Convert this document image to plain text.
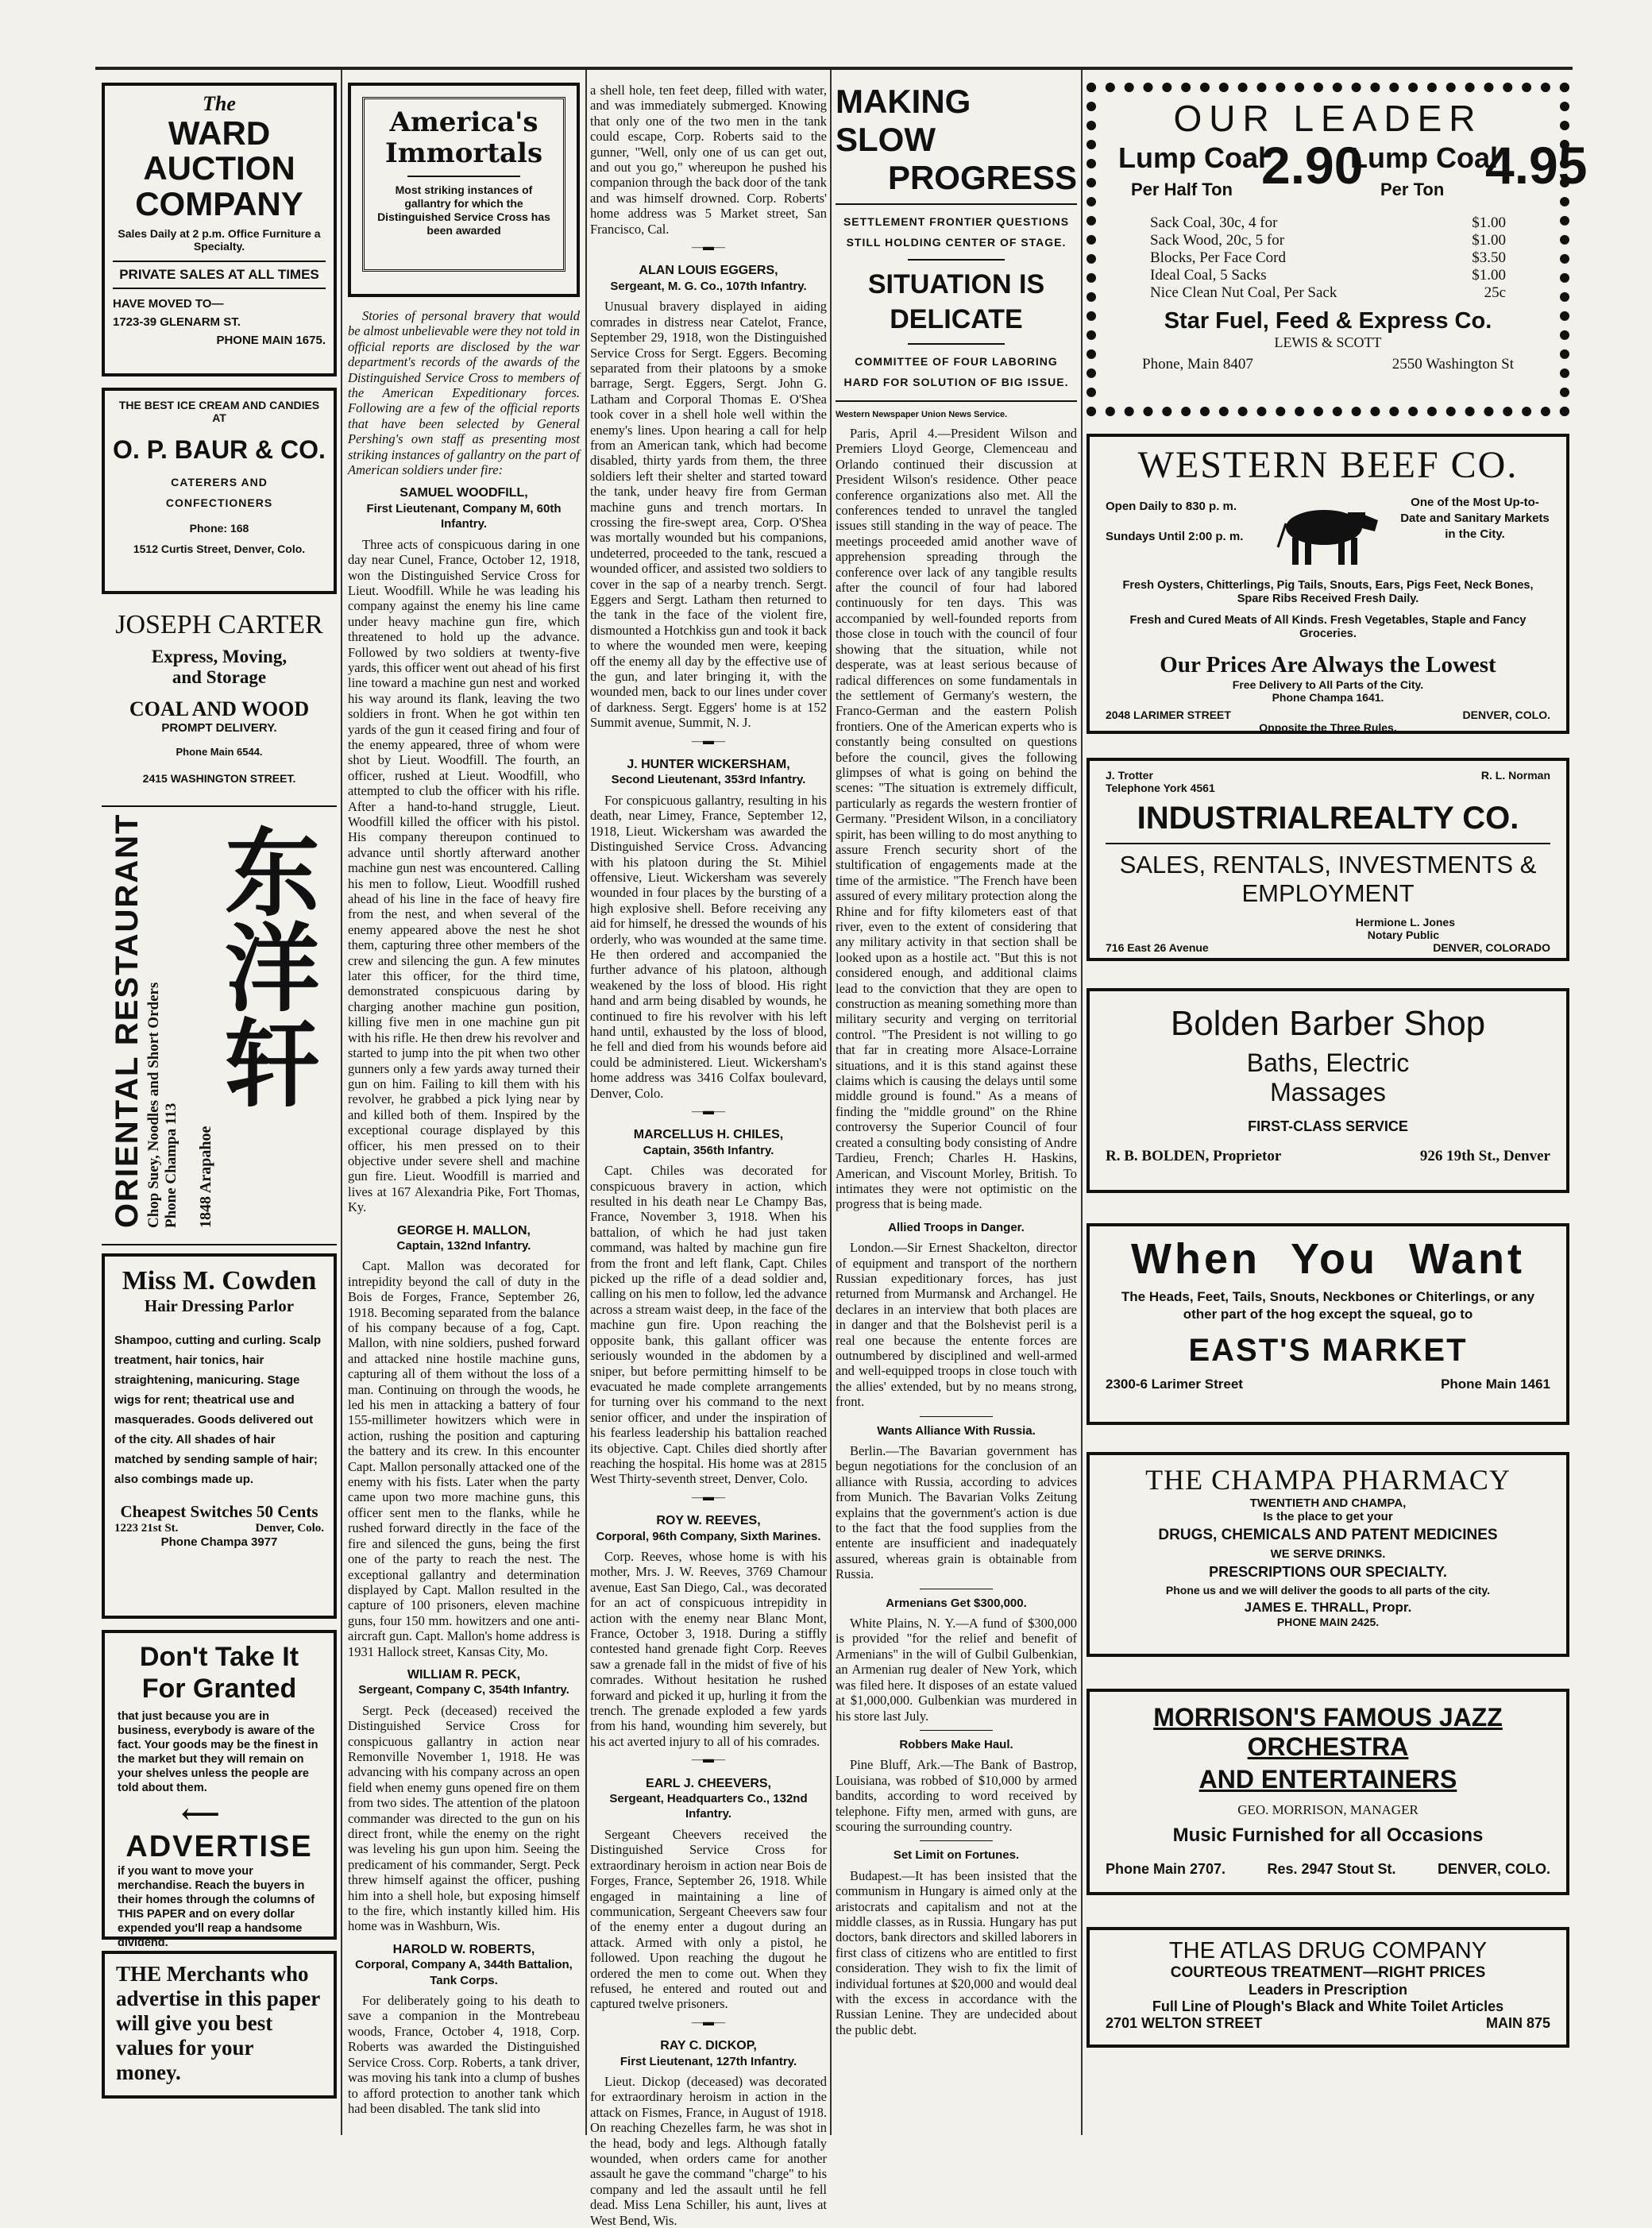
The
WARD AUCTION
COMPANY
Sales Daily at 2 p.m. Office Furniture a Specialty.
PRIVATE SALES AT ALL TIMES
HAVE MOVED TO—
1723-39 GLENARM ST.
PHONE MAIN 1675.
THE BEST ICE CREAM AND CANDIES AT
O. P. BAUR & CO.
CATERERS AND
CONFECTIONERS
Phone: 168
1512 Curtis Street, Denver, Colo.
JOSEPH CARTER
Express, Moving,
and Storage
COAL AND WOOD
PROMPT DELIVERY.
Phone Main 6544.
2415 WASHINGTON STREET.
ORIENTAL RESTAURANT Chop Suey, Noodles and Short Orders Phone Champa 113 1848 Arapahoe
东洋轩
Miss M. Cowden
Hair Dressing Parlor
Shampoo, cutting and curling. Scalp treatment, hair tonics, hair straightening, manicuring. Stage wigs for rent; theatrical use and masquerades. Goods delivered out of the city. All shades of hair matched by sending sample of hair; also combings made up.
Cheapest Switches 50 Cents
1223 21st St.	Denver, Colo.
Phone Champa 3977
Don't Take It
For Granted
that just because you are in business, everybody is aware of the fact. Your goods may be the finest in the market but they will remain on your shelves unless the people are told about them.
⟵
ADVERTISE
if you want to move your merchandise. Reach the buyers in their homes through the columns of THIS PAPER and on every dollar expended you'll reap a handsome dividend.
THE Merchants who advertise in this paper will give you best values for your money.
America's
Immortals
Most striking instances of gallantry for which the Distinguished Service Cross has been awarded

Stories of personal bravery that would be almost unbelievable were they not told in official reports are disclosed by the war department's records of the awards of the Distinguished Service Cross to members of the American Expeditionary forces. Following are a few of the official reports that have been selected by General Pershing's own staff as presenting most striking instances of gallantry on the part of American soldiers under fire:

SAMUEL WOODFILL,
First Lieutenant, Company M, 60th Infantry.

Three acts of conspicuous daring in one day near Cunel, France, October 12, 1918, won the Distinguished Service Cross for Lieut. Woodfill. While he was leading his company against the enemy his line came under heavy machine gun fire, which threatened to hold up the advance. Followed by two soldiers at twenty-five yards, this officer went out ahead of his first line toward a machine gun nest and worked his way around its flank, leaving the two soldiers in front. When he got within ten yards of the gun it ceased firing and four of the enemy appeared, three of whom were shot by Lieut. Woodfill. The fourth, an officer, rushed at Lieut. Woodfill, who attempted to club the officer with his rifle. After a hand-to-hand struggle, Lieut. Woodfill killed the officer with his pistol. His company thereupon continued to advance until shortly afterward another machine gun nest was encountered. Calling his men to follow, Lieut. Woodfill rushed ahead of his line in the face of heavy fire from the nest, and when several of the enemy appeared above the nest he shot them, capturing three other members of the crew and silencing the gun. A few minutes later this officer, for the third time, demonstrated conspicuous daring by charging another machine gun position, killing five men in one machine gun pit with his rifle. He then drew his revolver and started to jump into the pit when two other gunners only a few yards away turned their gun on him. Failing to kill them with his revolver, he grabbed a pick lying near by and killed both of them. Inspired by the exceptional courage displayed by this officer, his men pressed on to their objective under severe shell and machine gun fire. Lieut. Woodfill is married and lives at 167 Alexandria Pike, Fort Thomas, Ky.

GEORGE H. MALLON,
Captain, 132nd Infantry.

Capt. Mallon was decorated for intrepidity beyond the call of duty in the Bois de Forges, France, September 26, 1918. Becoming separated from the balance of his company because of a fog, Capt. Mallon, with nine soldiers, pushed forward and attacked nine hostile machine guns, capturing all of them without the loss of a man. Continuing on through the woods, he led his men in attacking a battery of four 155-millimeter howitzers which were in action, rushing the position and capturing the battery and its crew. In this encounter Capt. Mallon personally attacked one of the enemy with his fists. Later when the party came upon two more machine guns, this officer sent men to the flanks, while he rushed forward directly in the face of the fire and silenced the guns, being the first one of the party to reach the nest. The exceptional gallantry and determination displayed by Capt. Mallon resulted in the capture of 100 prisoners, eleven machine guns, four 150 mm. howitzers and one anti-aircraft gun. Capt. Mallon's home address is 1931 Hallock street, Kansas City, Mo.

WILLIAM R. PECK,
Sergeant, Company C, 354th Infantry.

Sergt. Peck (deceased) received the Distinguished Service Cross for conspicuous gallantry in action near Remonville November 1, 1918. He was advancing with his company across an open field when enemy guns opened fire on them from two sides. The attention of the platoon commander was directed to the gun on his direct front, while the enemy on the right was leveling his gun upon him. Seeing the predicament of his commander, Sergt. Peck threw himself against the officer, pushing him into a shell hole, but exposing himself to the fire, which instantly killed him. His home was in Washburn, Wis.

HAROLD W. ROBERTS,
Corporal, Company A, 344th Battalion, Tank Corps.

For deliberately going to his death to save a companion in the Montrebeau woods, France, October 4, 1918, Corp. Roberts was awarded the Distinguished Service Cross. Corp. Roberts, a tank driver, was moving his tank into a clump of bushes to afford protection to another tank which had been disabled. The tank slid into

a shell hole, ten feet deep, filled with water, and was immediately submerged. Knowing that only one of the two men in the tank could escape, Corp. Roberts said to the gunner, "Well, only one of us can get out, and out you go," whereupon he pushed his companion through the back door of the tank and was himself drowned. Corp. Roberts' home address was 5 Market street, San Francisco, Cal.

—▬—
ALAN LOUIS EGGERS,
Sergeant, M. G. Co., 107th Infantry.

Unusual bravery displayed in aiding comrades in distress near Catelot, France, September 29, 1918, won the Distinguished Service Cross for Sergt. Eggers. Becoming separated from their platoons by a smoke barrage, Sergt. Eggers, Sergt. John G. Latham and Corporal Thomas E. O'Shea took cover in a shell hole well within the enemy's lines. Upon hearing a call for help from an American tank, which had become disabled, thirty yards from them, the three soldiers left their shelter and started toward the tank, under heavy fire from German machine guns and trench mortars. In crossing the fire-swept area, Corp. O'Shea was mortally wounded but his companions, undeterred, proceeded to the tank, rescued a wounded officer, and assisted two soldiers to cover in the sap of a nearby trench. Sergt. Eggers and Sergt. Latham then returned to the tank in the face of the violent fire, dismounted a Hotchkiss gun and took it back to where the wounded men were, keeping off the enemy all day by the effective use of the gun, and later bringing it, with the wounded men, back to our lines under cover of darkness. Sergt. Eggers' home is at 152 Summit avenue, Summit, N. J.

—▬—
J. HUNTER WICKERSHAM,
Second Lieutenant, 353rd Infantry.

For conspicuous gallantry, resulting in his death, near Limey, France, September 12, 1918, Lieut. Wickersham was awarded the Distinguished Service Cross. Advancing with his platoon during the St. Mihiel offensive, Lieut. Wickersham was severely wounded in four places by the bursting of a high explosive shell. Before receiving any aid for himself, he dressed the wounds of his orderly, who was wounded at the same time. He then ordered and accompanied the further advance of his platoon, although weakened by the loss of blood. His right hand and arm being disabled by wounds, he continued to fire his revolver with his left hand until, exhausted by the loss of blood, he fell and died from his wounds before aid could be administered. Lieut. Wickersham's home address was 3416 Colfax boulevard, Denver, Colo.

—▬—
MARCELLUS H. CHILES,
Captain, 356th Infantry.

Capt. Chiles was decorated for conspicuous bravery in action, which resulted in his death near Le Champy Bas, France, November 3, 1918. When his battalion, of which he had just taken command, was halted by machine gun fire from the front and left flank, Capt. Chiles picked up the rifle of a dead soldier and, calling on his men to follow, led the advance across a stream waist deep, in the face of the machine gun fire. Upon reaching the opposite bank, this gallant officer was seriously wounded in the abdomen by a sniper, but before permitting himself to be evacuated he made complete arrangements for turning over his command to the next senior officer, and under the inspiration of his fearless leadership his battalion reached its objective. Capt. Chiles died shortly after reaching the hospital. His home was at 2815 West Thirty-seventh street, Denver, Colo.

—▬—
ROY W. REEVES,
Corporal, 96th Company, Sixth Marines.

Corp. Reeves, whose home is with his mother, Mrs. J. W. Reeves, 3769 Chamour avenue, East San Diego, Cal., was decorated for an act of conspicuous intrepidity in action with the enemy near Blanc Mont, France, October 3, 1918. During a stiffly contested hand grenade fight Corp. Reeves saw a grenade fall in the midst of five of his comrades. Without hesitation he rushed forward and picked it up, hurling it from the trench. The grenade exploded a few yards from his hand, wounding him severely, but his act averted injury to all of his comrades.

—▬—
EARL J. CHEEVERS,
Sergeant, Headquarters Co., 132nd Infantry.

Sergeant Cheevers received the Distinguished Service Cross for extraordinary heroism in action near Bois de Forges, France, September 26, 1918. While engaged in maintaining a line of communication, Sergeant Cheevers saw four of the enemy enter a dugout during an attack. Armed with only a pistol, he followed. Upon reaching the dugout he ordered the men to come out. When they refused, he entered and routed out and captured twelve prisoners.

—▬—
RAY C. DICKOP,
First Lieutenant, 127th Infantry.

Lieut. Dickop (deceased) was decorated for extraordinary heroism in action in the attack on Fismes, France, in August of 1918. On reaching Chezelles farm, he was shot in the head, body and legs. Although fatally wounded, when orders came for another assault he gave the command "charge" to his company and led the assault until he fell dead. Miss Lena Schiller, his aunt, lives at West Bend, Wis.

MAKING SLOW
PROGRESS
SETTLEMENT FRONTIER QUESTIONS STILL HOLDING CENTER OF STAGE.
SITUATION IS DELICATE
COMMITTEE OF FOUR LABORING HARD FOR SOLUTION OF BIG ISSUE.
Western Newspaper Union News Service.

Paris, April 4.—President Wilson and Premiers Lloyd George, Clemenceau and Orlando continued their discussion at President Wilson's residence. Other peace conference organizations also met. All the conferences tended to unravel the tangled issues still standing in the way of peace. The meetings proceeded amid another wave of apprehension spreading through the conference over lack of any tangible results after the council of four had labored continuously for ten days. This was accompanied by well-founded reports from those close in touch with the council of four showing that the situation, while not desperate, was at least serious because of radical differences on some fundamentals in the settlement of Germany's western, the Franco-German and the eastern Polish frontiers. One of the American experts who is constantly being consulted on questions before the council, gives the following glimpses of what is going on behind the scenes: "The situation is extremely difficult, particularly as regards the western frontier of Germany. "President Wilson, in a conciliatory spirit, has been willing to do most anything to assure French security short of the stultification of engagements made at the time of the armistice. "The French have been assured of every military protection along the Rhine and for fifty kilometers east of that river, even to the extent of considering that any military activity in that section shall be looked upon as a hostile act. "But this is not considered enough, and additional claims lead to the conviction that they are open to construction as meaning something more than military security and verging on territorial control. "The President is not willing to go that far in creating more Alsace-Lorraine situations, and it is this stand against these claims which is causing the delays until some middle ground is found." As a means of finding the "middle ground" on the Rhine controversy the Superior Council of four created a consulting body consisting of Andre Tardieu, French; Charles H. Haskins, American, and Viscount Morley, British. To intimates they were not optimistic on the progress that is being made.

Allied Troops in Danger.

London.—Sir Ernest Shackelton, director of equipment and transport of the northern Russian expeditionary forces, has just returned from Murmansk and Archangel. He declares in an interview that both places are in danger and that the Bolshevist peril is a real one because the entente forces are outnumbered by disciplined and well-armed and well-equipped troops in close touch with the allies' extended, but by no means strong, front.

Wants Alliance With Russia.

Berlin.—The Bavarian government has begun negotiations for the conclusion of an alliance with Russia, according to advices from Munich. The Bavarian Volks Zeitung explains that the government's action is due to the fact that the food supplies from the entente are insufficient and inadequately assured, whereas grain is obtainable from Russia.

Armenians Get $300,000.

White Plains, N. Y.—A fund of $300,000 is provided "for the relief and benefit of Armenians" in the will of Gulbil Gulbenkian, an Armenian rug dealer of New York, which was filed here. It disposes of an estate valued at $1,000,000. Gulbenkian was murdered in his store last July.

Robbers Make Haul.

Pine Bluff, Ark.—The Bank of Bastrop, Louisiana, was robbed of $10,000 by armed bandits, according to word received by telephone. Fifty men, armed with guns, are scouring the surrounding country.

Set Limit on Fortunes.

Budapest.—It has been insisted that the communism in Hungary is aimed only at the aristocrats and capitalism and not at the middle classes, as in Russia. Hungary has put doctors, bank directors and skilled laborers in first class of citizens who are entitled to first consideration. They wish to fix the limit of individual fortunes at $20,000 and would deal with the excess in accordance with the Russian Lenine. They are undecided about the public debt.

OUR LEADER
Lump Coal
Per Half Ton 2.90
Lump Coal
Per Ton 4.95
Sack Coal, 30c, 4 for	$1.00
Sack Wood, 20c, 5 for	$1.00
Blocks, Per Face Cord	$3.50
Ideal Coal, 5 Sacks	$1.00
Nice Clean Nut Coal, Per Sack	25c
Star Fuel, Feed & Express Co.
LEWIS & SCOTT
Phone, Main 8407	2550 Washington St
WESTERN BEEF CO.
Open Daily to 830 p. m.
Sundays Until 2:00 p. m.
One of the Most Up-to-Date and Sanitary Markets in the City.
Fresh Oysters, Chitterlings, Pig Tails, Snouts, Ears, Pigs Feet, Neck Bones, Spare Ribs Received Fresh Daily.
Fresh and Cured Meats of All Kinds. Fresh Vegetables, Staple and Fancy Groceries.
Our Prices Are Always the Lowest
Free Delivery to All Parts of the City.
Phone Champa 1641.
2048 LARIMER STREET	DENVER, COLO.
Opposite the Three Rules.
J. Trotter
Telephone York 4561
R. L. Norman
INDUSTRIALREALTY CO.
SALES, RENTALS, INVESTMENTS & EMPLOYMENT
Hermione L. Jones
Notary Public
716 East 26 Avenue	DENVER, COLORADO
Bolden Barber Shop
Baths, Electric
Massages
FIRST-CLASS SERVICE
R. B. BOLDEN, Proprietor	926 19th St., Denver
When You Want
The Heads, Feet, Tails, Snouts, Neckbones or Chiterlings, or any other part of the hog except the squeal, go to
EAST'S MARKET
2300-6 Larimer Street	Phone Main 1461
THE CHAMPA PHARMACY
TWENTIETH AND CHAMPA,
Is the place to get your
DRUGS, CHEMICALS AND PATENT MEDICINES
WE SERVE DRINKS.
PRESCRIPTIONS OUR SPECIALTY.
Phone us and we will deliver the goods to all parts of the city.
JAMES E. THRALL, Propr.
PHONE MAIN 2425.
MORRISON'S FAMOUS JAZZ ORCHESTRA
AND ENTERTAINERS
GEO. MORRISON, MANAGER
Music Furnished for all Occasions
Phone Main 2707.	Res. 2947 Stout St.	DENVER, COLO.
THE ATLAS DRUG COMPANY
COURTEOUS TREATMENT—RIGHT PRICES
Leaders in Prescription
Full Line of Plough's Black and White Toilet Articles
2701 WELTON STREET	MAIN 875
